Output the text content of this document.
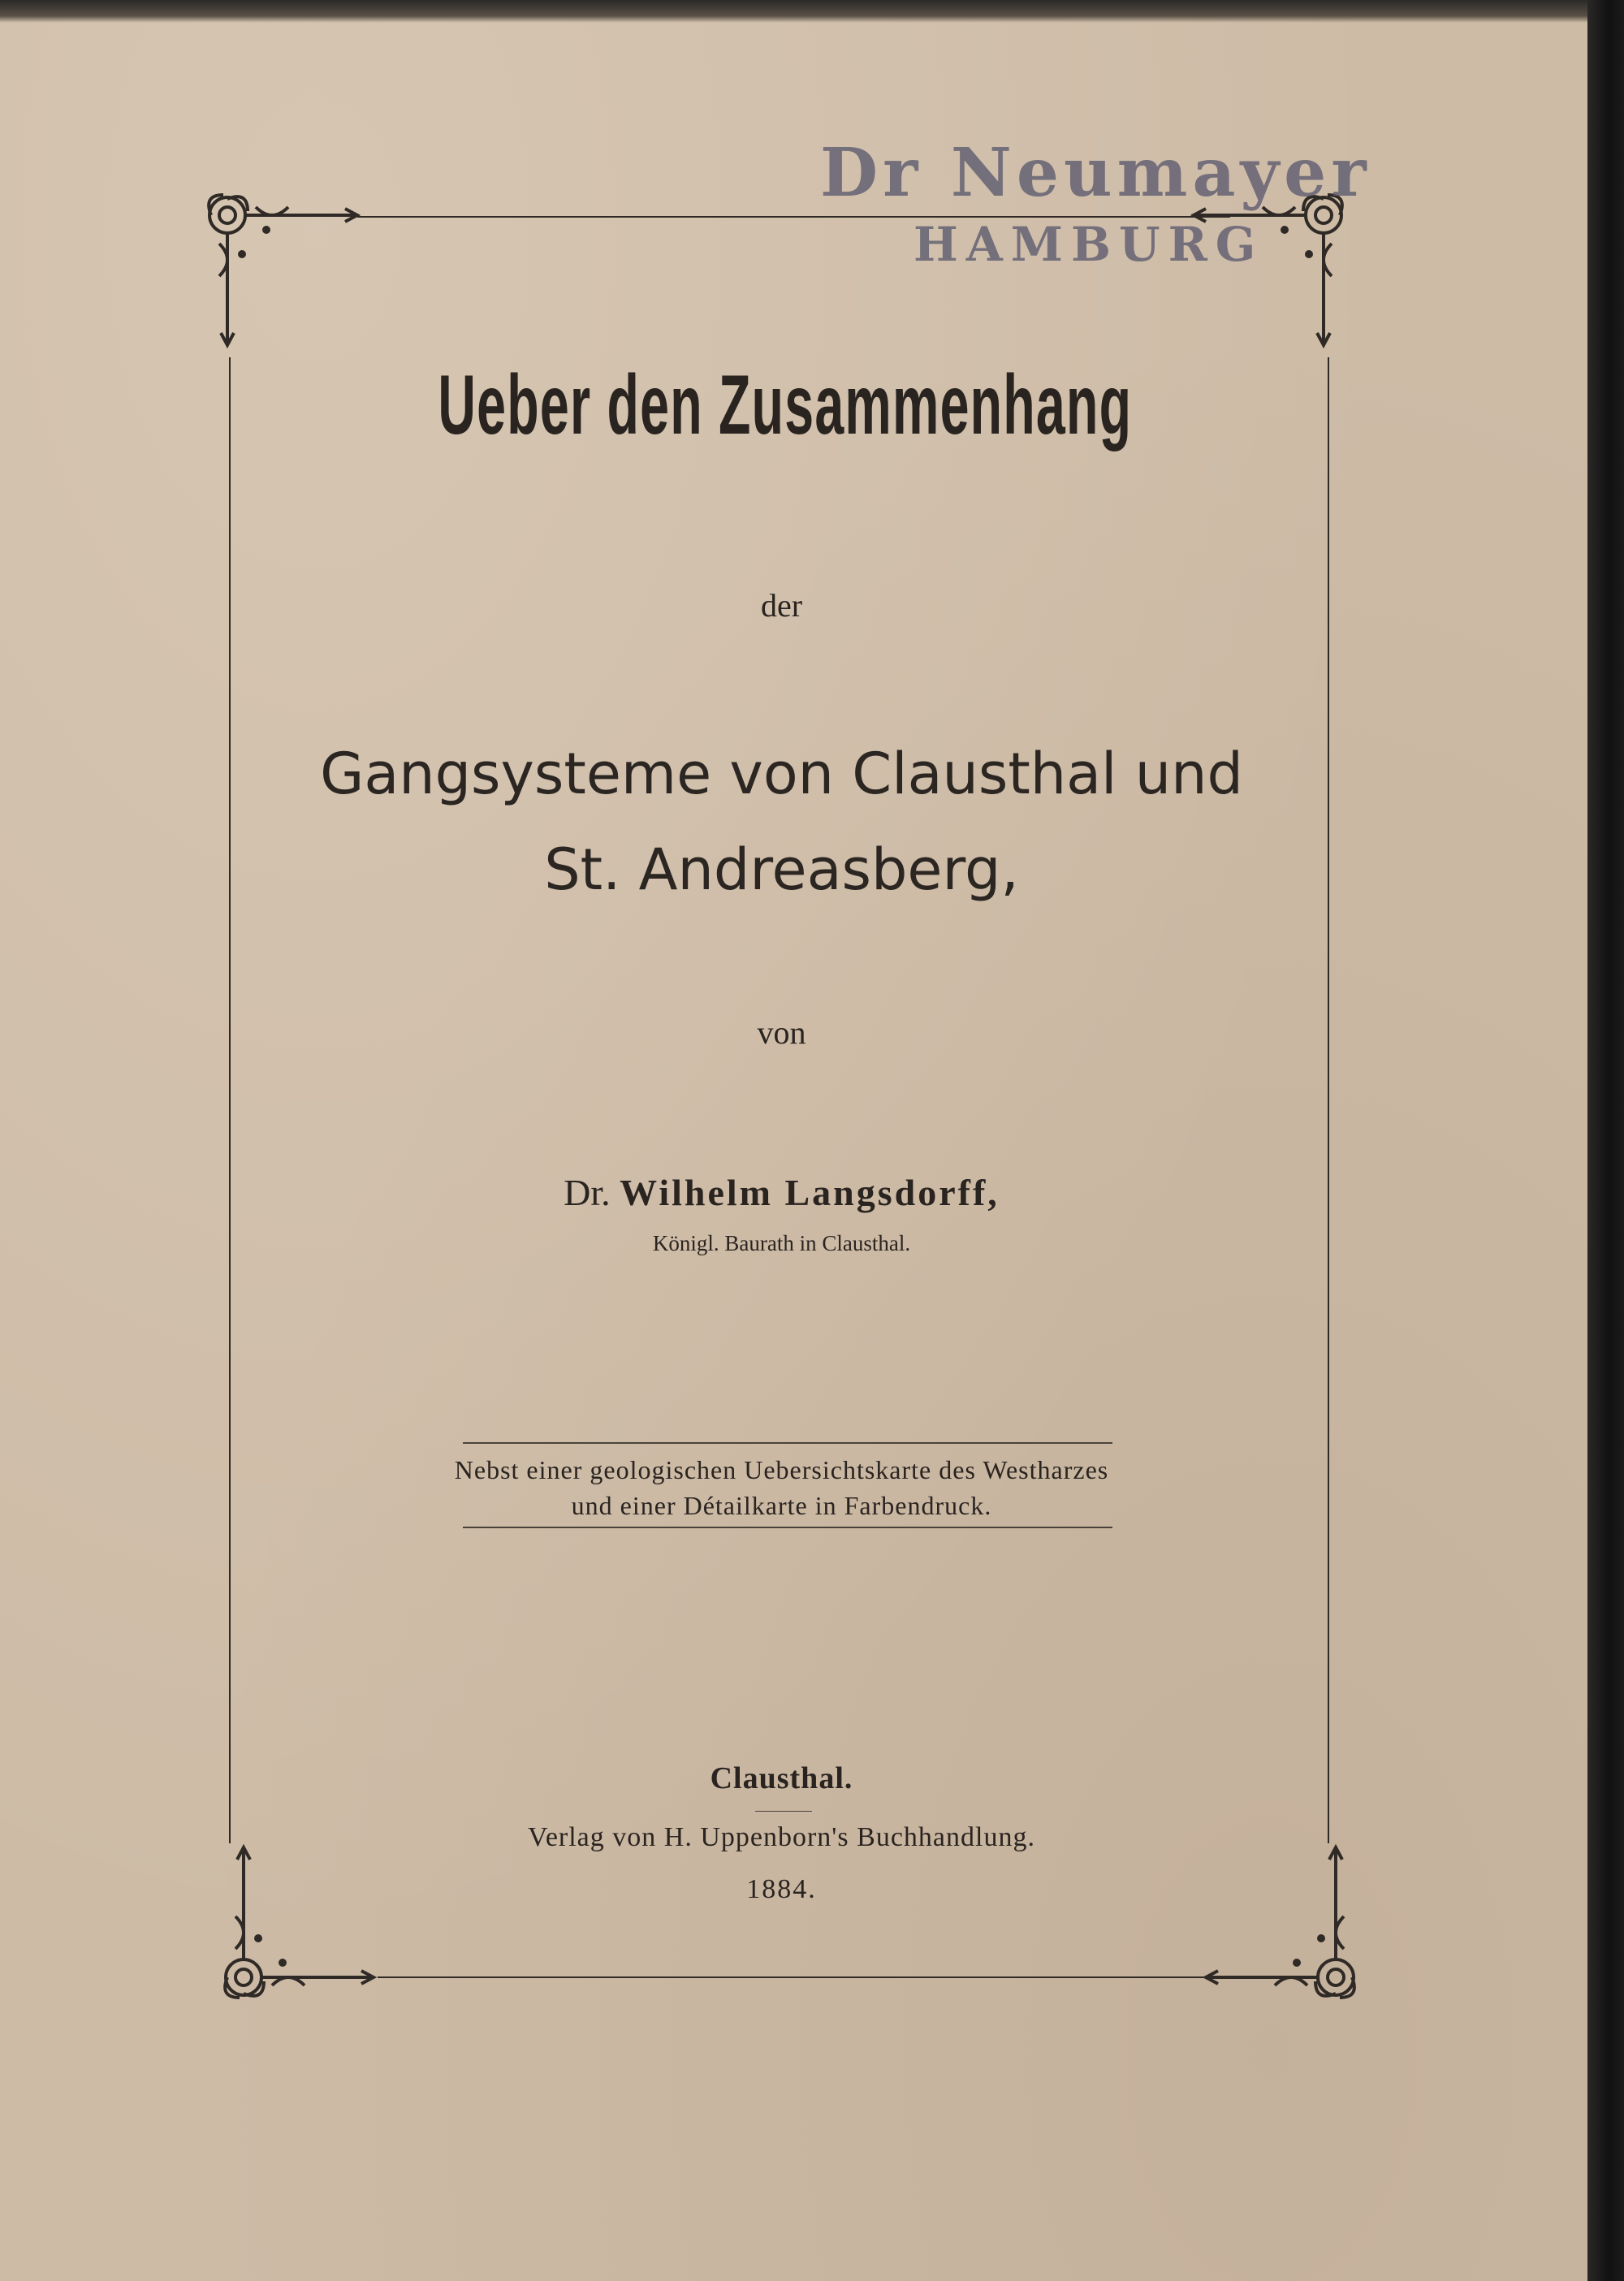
Dr Neumayer
HAMBURG
Ueber den Zusammenhang
der
Gangsysteme von Clausthal und
St. Andreasberg,
von
Dr. Wilhelm Langsdorff,
Königl. Baurath in Clausthal.
Nebst einer geologischen Uebersichtskarte des Westharzes
und einer Détailkarte in Farbendruck.
Clausthal.
Verlag von H. Uppenborn's Buchhandlung.
1884.
